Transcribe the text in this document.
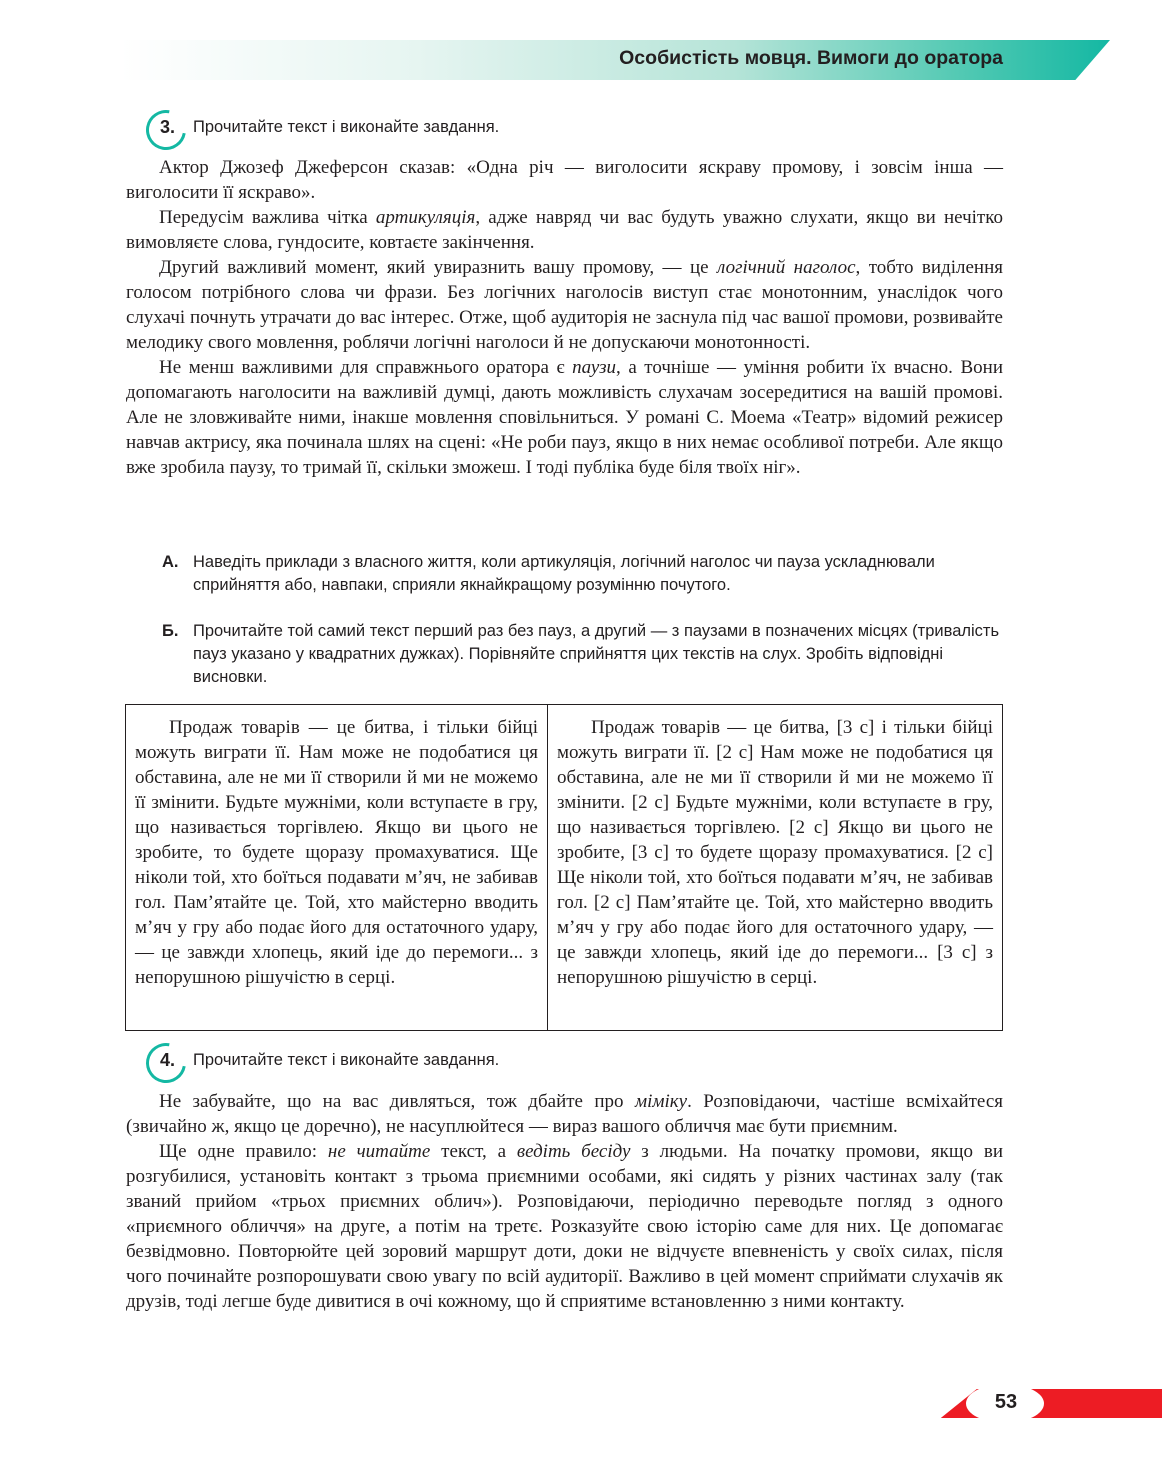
Особистість мовця. Вимоги до оратора
3. Прочитайте текст і виконайте завдання.

Актор Джозеф Джеферсон сказав: «Одна річ — виголосити яскраву промову, і зовсім інша — виголосити її яскраво».

Передусім важлива чітка артикуляція, адже навряд чи вас будуть уважно слухати, якщо ви нечітко вимовляєте слова, гундосите, ковтаєте закінчення.

Другий важливий момент, який увиразнить вашу промову, — це логічний наголос, тобто виділення голосом потрібного слова чи фрази. Без логічних наголосів виступ стає монотонним, унаслідок чого слухачі почнуть утрачати до вас інтерес. Отже, щоб аудиторія не заснула під час вашої промови, розвивайте мелодику свого мовлення, роблячи логічні наголоси й не допускаючи монотонності.

Не менш важливими для справжнього оратора є паузи, а точніше — уміння робити їх вчасно. Вони допомагають наголосити на важливій думці, дають можливість слухачам зосередитися на вашій промові. Але не зловживайте ними, інакше мовлення сповільниться. У романі С. Моема «Театр» відомий режисер навчав актрису, яка починала шлях на сцені: «Не роби пауз, якщо в них немає особливої потреби. Але якщо вже зробила паузу, то тримай її, скільки зможеш. І тоді публіка буде біля твоїх ніг».

А. Наведіть приклади з власного життя, коли артикуляція, логічний наголос чи пауза ускладнювали сприйняття або, навпаки, сприяли якнайкращому розумінню почутого.

Б. Прочитайте той самий текст перший раз без пауз, а другий — з паузами в позначених місцях (тривалість пауз указано у квадратних дужках). Порівняйте сприйняття цих текстів на слух. Зробіть відповідні висновки.

Продаж товарів — це битва, і тільки бійці можуть виграти її. Нам може не подобатися ця обставина, але не ми її створили й ми не можемо її змінити. Будьте мужніми, коли вступаєте в гру, що називається торгівлею. Якщо ви цього не зробите, то будете щоразу промахуватися. Ще ніколи той, хто боїться подавати м’яч, не забивав гол. Пам’ятайте це. Той, хто майстерно вводить м’яч у гру або подає його для остаточного удару, — це завжди хлопець, який іде до перемоги... з непорушною рішучістю в серці.

Продаж товарів — це битва, [3 с] і тільки бійці можуть виграти її. [2 с] Нам може не подобатися ця обставина, але не ми її створили й ми не можемо її змінити. [2 с] Будьте мужніми, коли вступаєте в гру, що називається торгівлею. [2 с] Якщо ви цього не зробите, [3 с] то будете щоразу промахуватися. [2 с] Ще ніколи той, хто боїться подавати м’яч, не забивав гол. [2 с] Пам’ятайте це. Той, хто майстерно вводить м’яч у гру або подає його для остаточного удару, — це завжди хлопець, який іде до перемоги... [3 с] з непорушною рішучістю в серці.

4. Прочитайте текст і виконайте завдання.

Не забувайте, що на вас дивляться, тож дбайте про міміку. Розповідаючи, частіше всміхайтеся (звичайно ж, якщо це доречно), не насуплюйтеся — вираз вашого обличчя має бути приємним.

Ще одне правило: не читайте текст, а ведіть бесіду з людьми. На початку промови, якщо ви розгубилися, установіть контакт з трьома приємними особами, які сидять у різних частинах залу (так званий прийом «трьох приємних облич»). Розповідаючи, періодично переводьте погляд з одного «приємного обличчя» на друге, а потім на третє. Розказуйте свою історію саме для них. Це допомагає безвідмовно. Повторюйте цей зоровий маршрут доти, доки не відчуєте впевненість у своїх силах, після чого починайте розпорошувати свою увагу по всій аудиторії. Важливо в цей момент сприймати слухачів як друзів, тоді легше буде дивитися в очі кожному, що й сприятиме встановленню з ними контакту.

53
